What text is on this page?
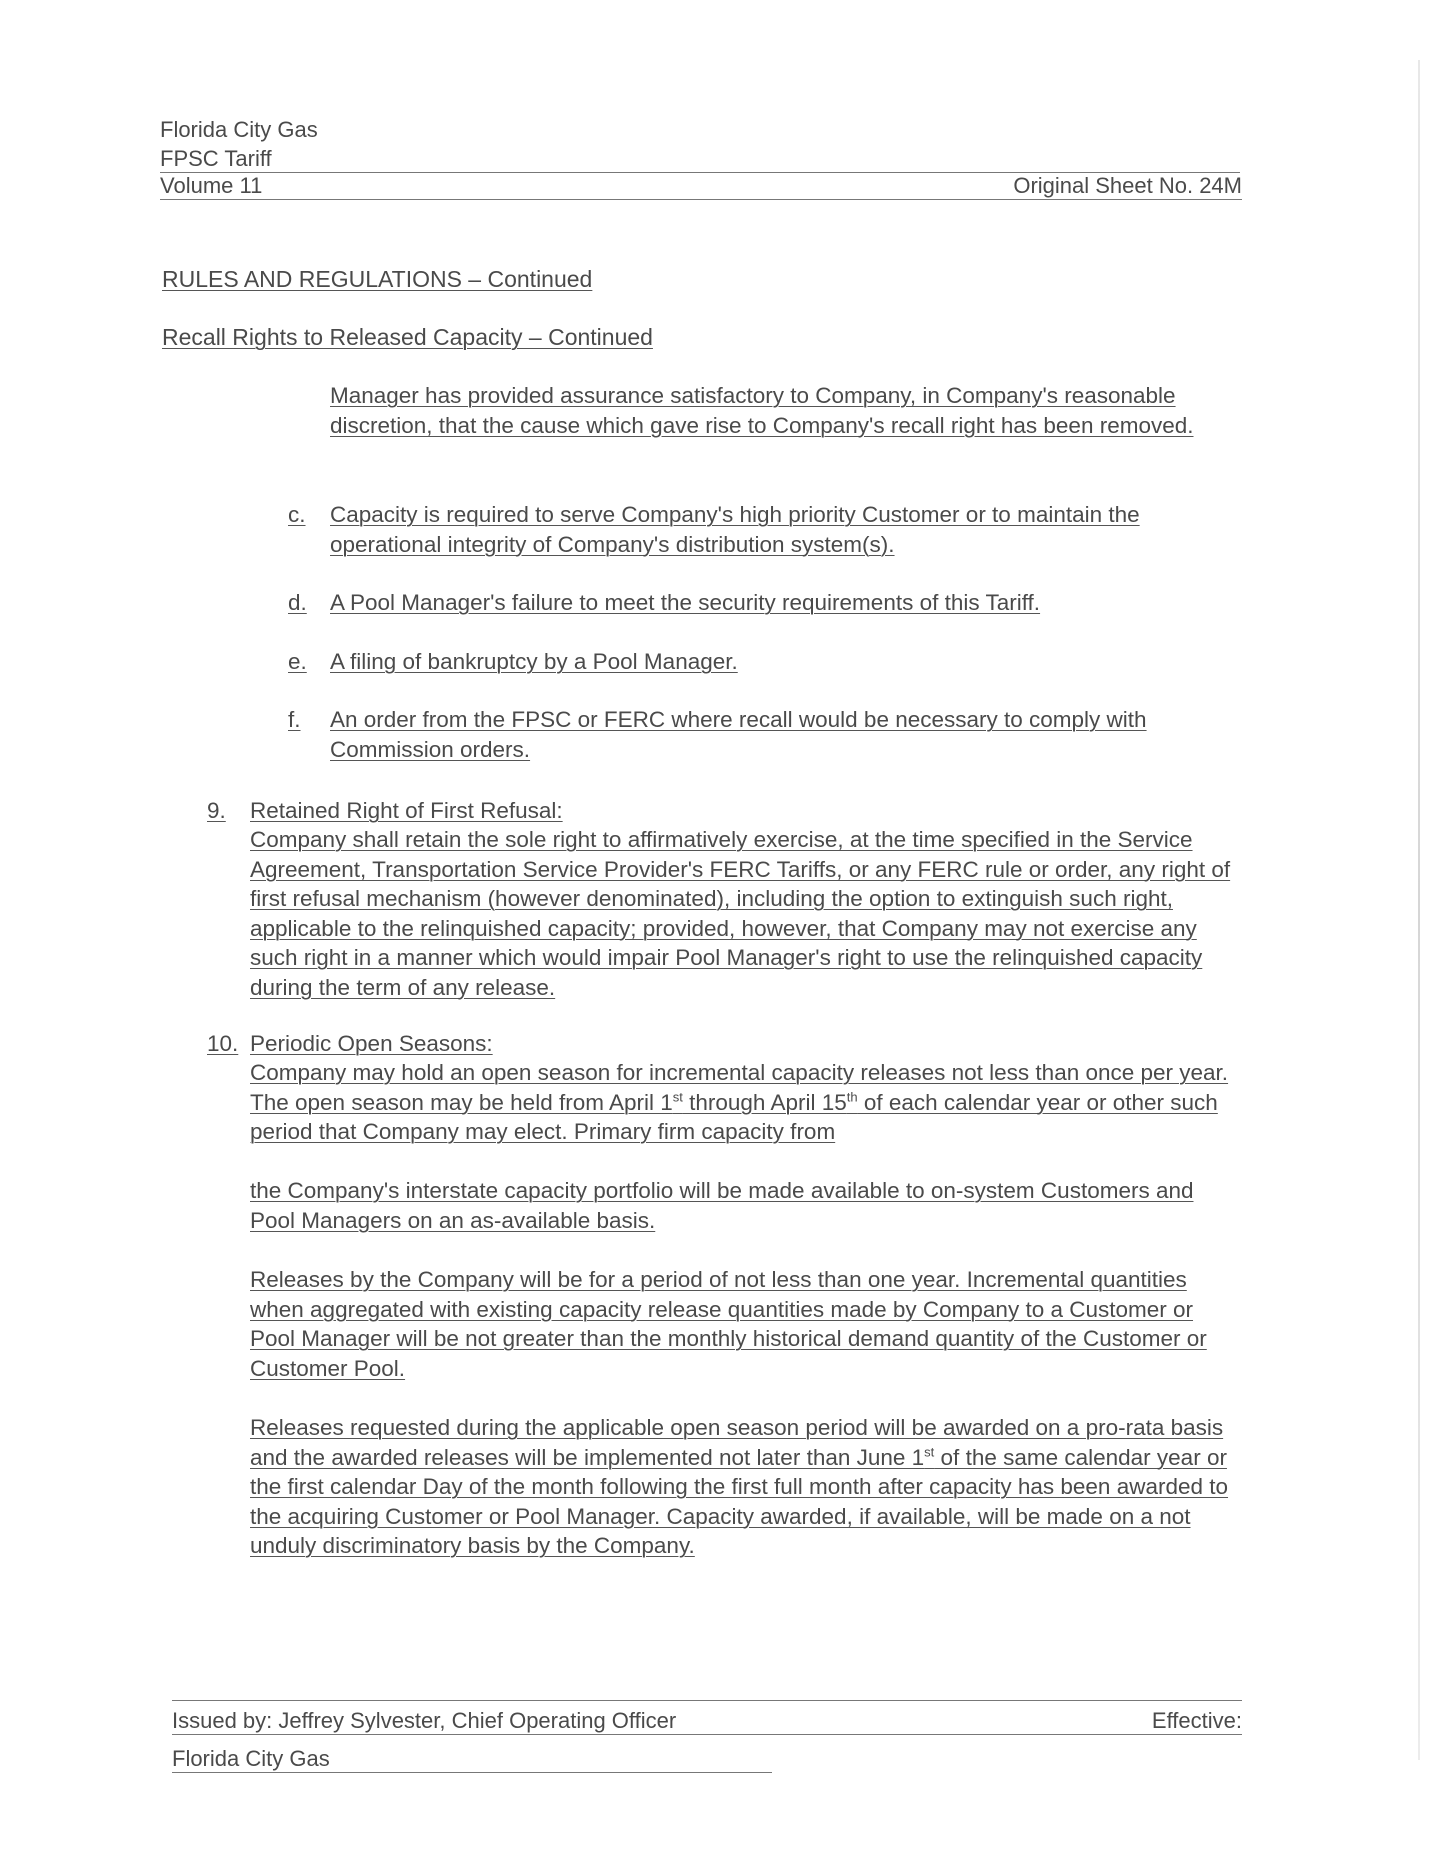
Florida City Gas
FPSC Tariff
Volume 11	Original Sheet No. 24M
RULES AND REGULATIONS – Continued
Recall Rights to Released Capacity – Continued
Manager has provided assurance satisfactory to Company, in Company's reasonable discretion, that the cause which gave rise to Company's recall right has been removed.
c. Capacity is required to serve Company's high priority Customer or to maintain the operational integrity of Company's distribution system(s).
d. A Pool Manager's failure to meet the security requirements of this Tariff.
e. A filing of bankruptcy by a Pool Manager.
f. An order from the FPSC or FERC where recall would be necessary to comply with Commission orders.
9. Retained Right of First Refusal:
Company shall retain the sole right to affirmatively exercise, at the time specified in the Service Agreement, Transportation Service Provider's FERC Tariffs, or any FERC rule or order, any right of first refusal mechanism (however denominated), including the option to extinguish such right, applicable to the relinquished capacity; provided, however, that Company may not exercise any such right in a manner which would impair Pool Manager's right to use the relinquished capacity during the term of any release.
10. Periodic Open Seasons:
Company may hold an open season for incremental capacity releases not less than once per year. The open season may be held from April 1st through April 15th of each calendar year or other such period that Company may elect. Primary firm capacity from
the Company's interstate capacity portfolio will be made available to on-system Customers and Pool Managers on an as-available basis.
Releases by the Company will be for a period of not less than one year. Incremental quantities when aggregated with existing capacity release quantities made by Company to a Customer or Pool Manager will be not greater than the monthly historical demand quantity of the Customer or Customer Pool.
Releases requested during the applicable open season period will be awarded on a pro-rata basis and the awarded releases will be implemented not later than June 1st of the same calendar year or the first calendar Day of the month following the first full month after capacity has been awarded to the acquiring Customer or Pool Manager. Capacity awarded, if available, will be made on a not unduly discriminatory basis by the Company.
Issued by: Jeffrey Sylvester, Chief Operating Officer	Effective:
Florida City Gas
